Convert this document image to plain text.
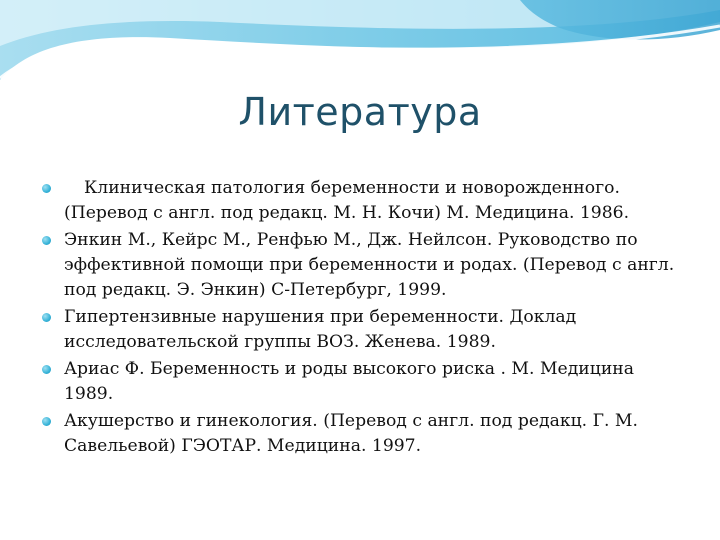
Литература
Клиническая патология беременности и новорожденного. (Перевод с англ. под редакц. М. Н. Кочи) М. Медицина. 1986.
Энкин М., Кейрс М., Ренфью М., Дж. Нейлсон. Руководство по эффективной помощи при беременности и родах. (Перевод с англ. под редакц. Э. Энкин) С-Петербург, 1999.
Гипертензивные нарушения при беременности. Доклад исследовательской группы ВОЗ. Женева. 1989.
Ариас Ф. Беременность и роды высокого риска . М. Медицина 1989.
Акушерство и гинекология. (Перевод с англ. под редакц. Г. М. Савельевой) ГЭОТАР. Медицина. 1997.
